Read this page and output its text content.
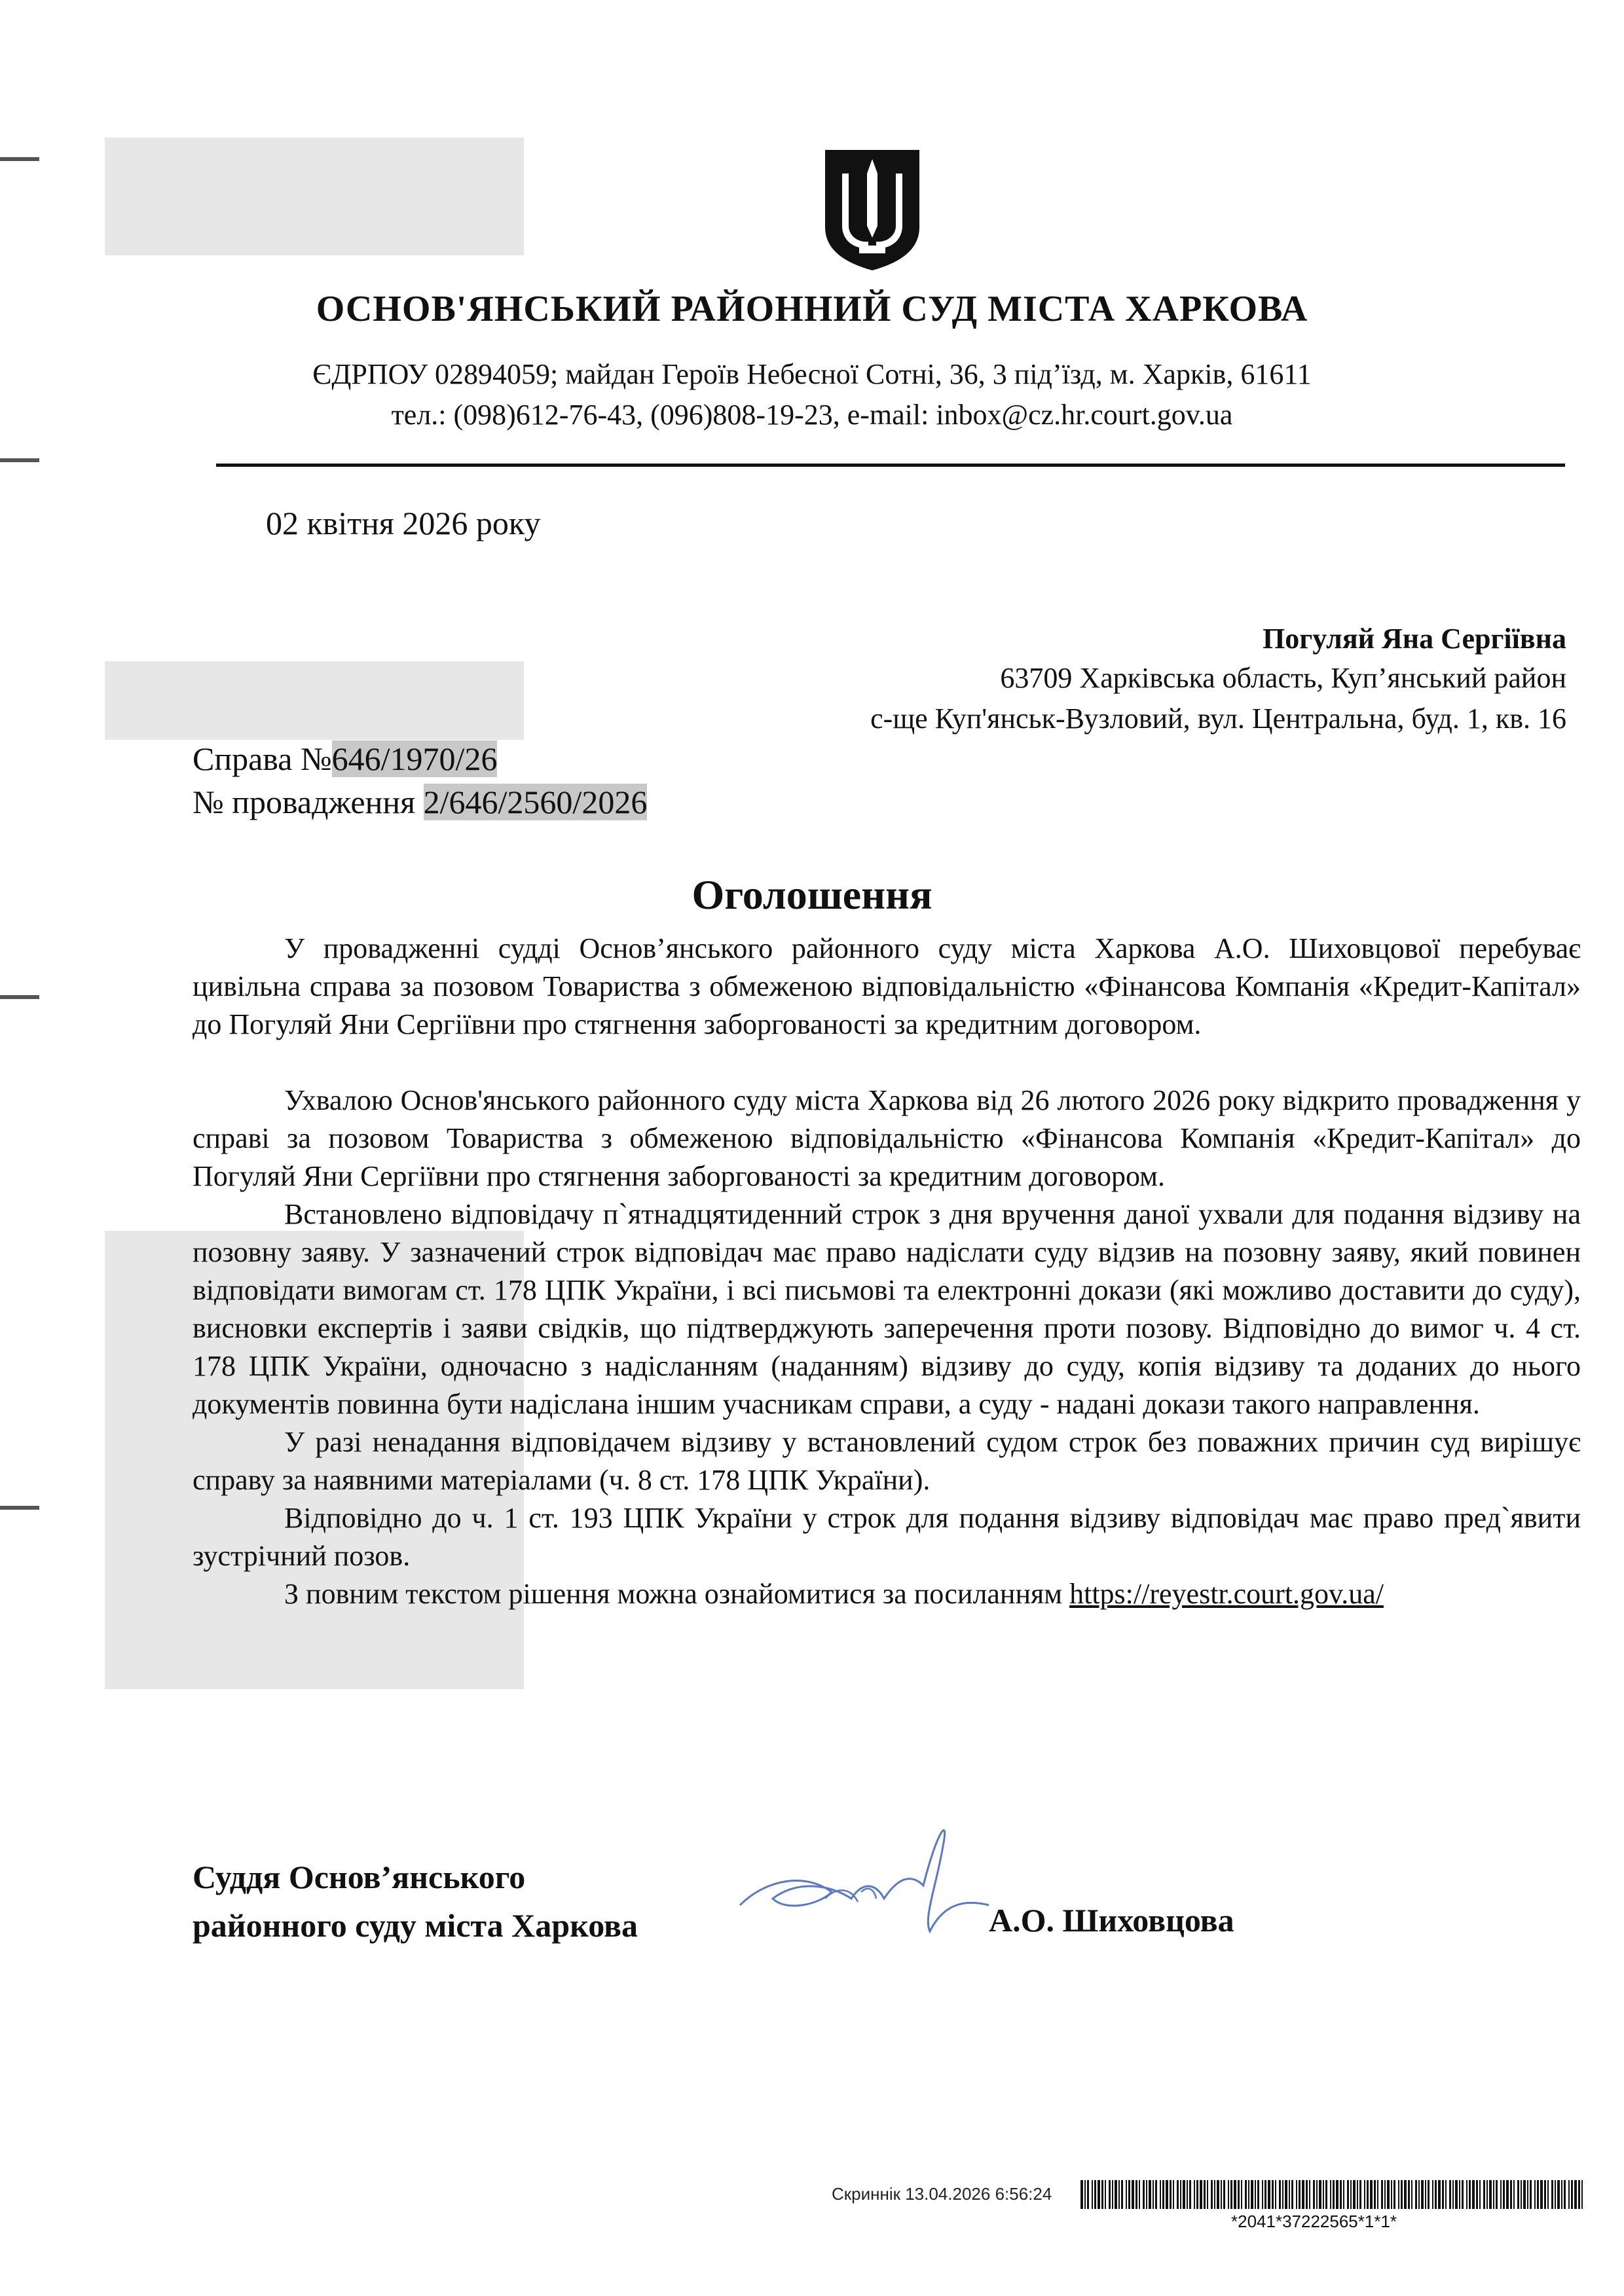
ОСНОВ'ЯНСЬКИЙ РАЙОННИЙ СУД МІСТА ХАРКОВА
ЄДРПОУ 02894059; майдан Героїв Небесної Сотні, 36, 3 під’їзд, м. Харків, 61611
тел.: (098)612-76-43, (096)808-19-23, e-mail: inbox@cz.hr.court.gov.ua
02 квітня 2026 року
Погуляй Яна Сергіївна
63709 Харківська область, Куп’янський район
с-ще Куп'янськ-Вузловий, вул. Центральна, буд. 1, кв. 16
Справа №646/1970/26
№ провадження 2/646/2560/2026
Оголошення

У провадженні судді Основ’янського районного суду міста Харкова А.О. Шиховцової перебуває цивільна справа за позовом Товариства з обмеженою відповідальністю «Фінансова Компанія «Кредит-Капітал» до Погуляй Яни Сергіївни про стягнення заборгованості за кредитним договором.

Ухвалою Основ'янського районного суду міста Харкова від 26 лютого 2026 року відкрито провадження у справі за позовом Товариства з обмеженою відповідальністю «Фінансова Компанія «Кредит-Капітал» до Погуляй Яни Сергіївни про стягнення заборгованості за кредитним договором.

Встановлено відповідачу п`ятнадцятиденний строк з дня вручення даної ухвали для подання відзиву на позовну заяву. У зазначений строк відповідач має право надіслати суду відзив на позовну заяву, який повинен відповідати вимогам ст. 178 ЦПК України, і всі письмові та електронні докази (які можливо доставити до суду), висновки експертів і заяви свідків, що підтверджують заперечення проти позову. Відповідно до вимог ч. 4 ст. 178 ЦПК України, одночасно з надісланням (наданням) відзиву до суду, копія відзиву та доданих до нього документів повинна бути надіслана іншим учасникам справи, а суду - надані докази такого направлення.

У разі ненадання відповідачем відзиву у встановлений судом строк без поважних причин суд вирішує справу за наявними матеріалами (ч. 8 ст. 178 ЦПК України).

Відповідно до ч. 1 ст. 193 ЦПК України у строк для подання відзиву відповідач має право пред`явити зустрічний позов.

З повним текстом рішення можна ознайомитися за посиланням https://reyestr.court.gov.ua/

Суддя Основ’янського
районного суду міста Харкова	А.О. Шиховцова
Скриннік 13.04.2026 6:56:24
*2041*37222565*1*1*
